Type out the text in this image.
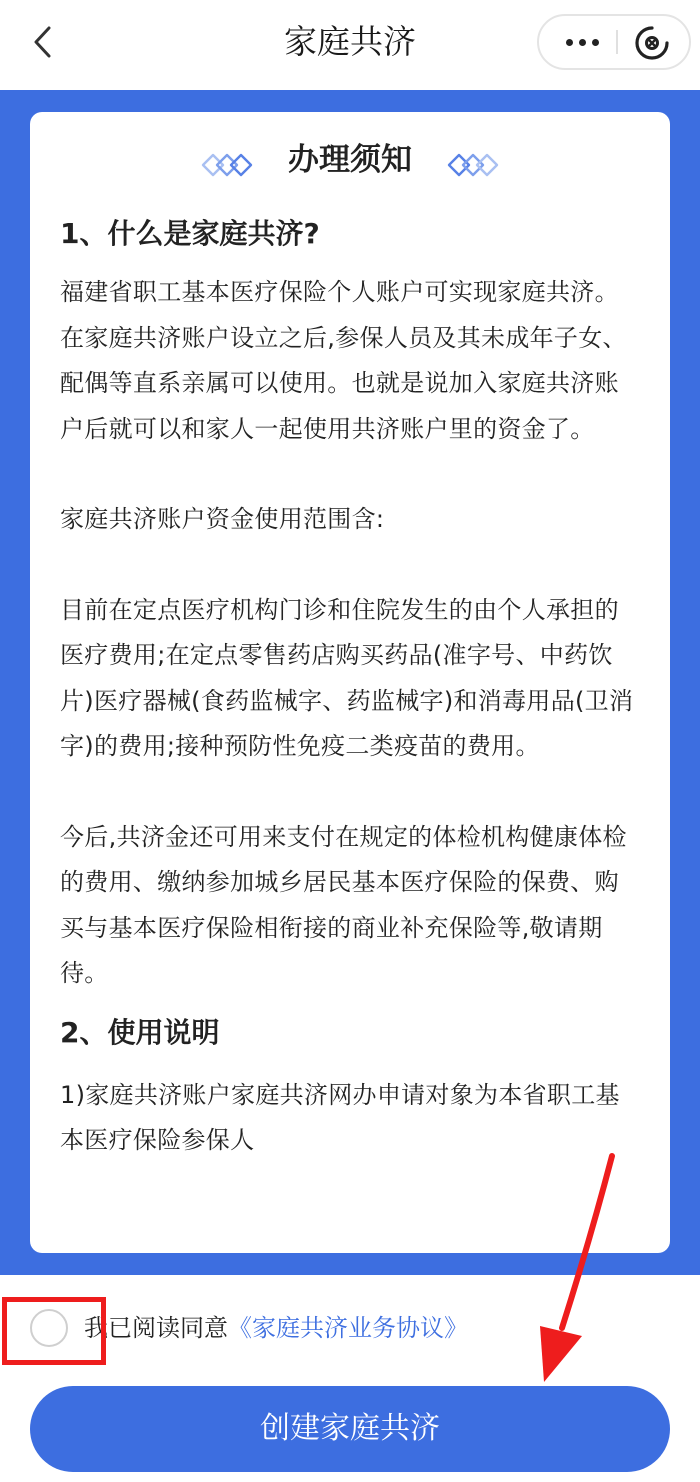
家庭共济
办理须知
1、什么是家庭共济?
福建省职工基本医疗保险个人账户可实现家庭共济。在家庭共济账户设立之后,参保人员及其未成年子女、配偶等直系亲属可以使用。也就是说加入家庭共济账户后就可以和家人一起使用共济账户里的资金了。
家庭共济账户资金使用范围含:
目前在定点医疗机构门诊和住院发生的由个人承担的医疗费用;在定点零售药店购买药品(准字号、中药饮片)医疗器械(食药监械字、药监械字)和消毒用品(卫消字)的费用;接种预防性免疫二类疫苗的费用。
今后,共济金还可用来支付在规定的体检机构健康体检的费用、缴纳参加城乡居民基本医疗保险的保费、购买与基本医疗保险相衔接的商业补充保险等,敬请期待。
2、使用说明
1)家庭共济账户家庭共济网办申请对象为本省职工基本医疗保险参保人
我已阅读同意《家庭共济业务协议》
创建家庭共济
